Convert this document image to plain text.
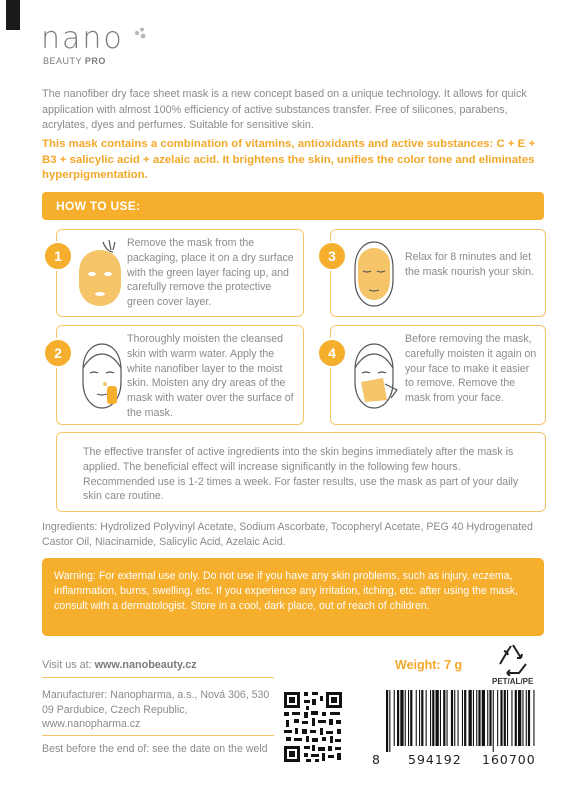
nano
BEAUTY PRO
The nanofiber dry face sheet mask is a new concept based on a unique technology. It allows for quick application with almost 100% efficiency of active substances transfer. Free of silicones, parabens, acrylates, dyes and perfumes. Suitable for sensitive skin.
This mask contains a combination of vitamins, antioxidants and active substances: C + E + B3 + salicylic acid + azelaic acid. It brightens the skin, unifies the color tone and eliminates hyperpigmentation.
HOW TO USE:
Remove the mask from the packaging, place it on a dry surface with the green layer facing up, and carefully remove the protective green cover layer.
1
Thoroughly moisten the cleansed skin with warm water. Apply the white nanofiber layer to the moist skin. Moisten any dry areas of the mask with water over the surface of the mask.
2
Relax for 8 minutes and let the mask nourish your skin.
3
Before removing the mask, carefully moisten it again on your face to make it easier to remove. Remove the mask from your face.
4
The effective transfer of active ingredients into the skin begins immediately after the mask is applied. The beneficial effect will increase significantly in the following few hours. Recommended use is 1-2 times a week. For faster results, use the mask as part of your daily skin care routine.
Ingredients: Hydrolized Polyvinyl Acetate, Sodium Ascorbate, Tocopheryl Acetate, PEG 40 Hydrogenated Castor Oil, Niacinamide, Salicylic Acid, Azelaic Acid.
Warning: For external use only. Do not use if you have any skin problems, such as injury, eczema, inflammation, burns, swelling, etc. If you experience any irritation, itching, etc. after using the mask, consult with a dermatologist. Store in a cool, dark place, out of reach of children.
Visit us at: www.nanobeauty.cz
Manufacturer: Nanopharma, a.s., Nová 306, 530 09 Pardubice, Czech Republic, www.nanopharma.cz
Best before the end of: see the date on the weld
Weight: 7 g
PET/AL/PE
8 594192 160700
